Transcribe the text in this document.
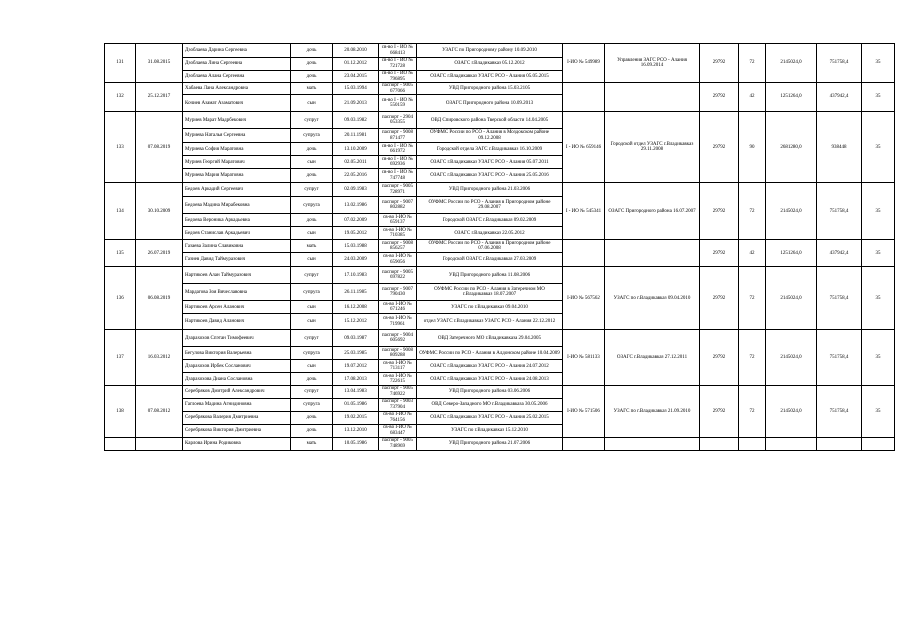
131	31.08.2015	Дзоблаева Дарина Сергеевна	дочь	20.08.2010	св-во I - ИО № 668413	УЗАГС по Пригородному району 10.09.2010	I-ИО № 549989	Управления ЗАГС РСО - Алания 16.09.2014	29792	72	2145024,0	751758,4	35
		Дзоблаева Лина Сергеевна	дочь	01.12.2012	св-во I - ИО № 721728	ОЗАГС г.Владикавказ 05.12.2012							
		Дзоблаева Алана Сергеевна	дочь	23.04.2015	св-во I - ИО № 796895	ОЗАГС г.Владикавказ УЗАГС РСО - Алания 05.05.2015							
132	25.12.2017	Хабаева Лана Александровна	мать	15.03.1994	паспорт - 9005 677066	УВД Пригородного района 15.03.2105			29792	42	1251264,0	437942,4	35
		Кочиев Азамат Азаматович	сын	21.09.2013	св-во I - ИО № 550159	ОЗАГС Пригородного района 10.09.2013							
133	07.08.2019	Муриев Марат Мадрбекович	супруг	09.03.1982	паспорт - 2904 053355	ОВД Спировского района Тверской области 14.04.2005	I - ИО № 659146	Городской отдел УЗАГС г.Владикавказ 29.11.2008	29792	90	2681280,0	938448	35
		Муриева Наталья Сергеевна	супруга	20.11.1981	паспорт - 9008 871477	ОУФМС России по РСО - Алания в Моздокском районе 09.12.2008							
		Муриева София Маратовна	дочь	13.10.2009	св-во I - ИО № 661972	Городской отдела ЗАГС г.Владикавказ 16.10.2009							
		Муриев Георгий Маратович	сын	02.05.2011	св-во I - ИО № 692936	ОЗАГС г.Владикавказ УЗАГС РСО - Алания 05.07.2011							
		Муриева Мария Маратовна	дочь	22.05.2016	св-во I - ИО № 747748	ОЗАГС г.Владикавказ УЗАГС РСО - Алания 25.05.2016							
134	30.10.2009	Бедоев Аркадий Сергеевич	супруг	02.09.1983	паспорт - 9005 728971	УВД Пригородного района 21.03.2006	I - ИО № 545341	ОЗАГС Пригородного района 16.07.2007	29792	72	2145024,0	751758,4	35
		Бедоева Мадина Мирабековна	супруга	13.02.1986	паспорт - 9007 802882	ОУФМС России по РСО - Алания в Пригородном районе 29.08.2007							
		Бедоева Вероника Аркадьевна	дочь	07.02.2009	св-во I-ИО № 659137	Городской ОЗАГС г.Владикавказ 09.02.2009							
		Бедоев Станислав Аркадьевич	сын	19.05.2012	св-во I-ИО № 710385	ОЗАГС г.Владикавказ 22.05.2012							
135	26.07.2019	Газаева Залина Славиковна	мать	15.03.1988	паспорт - 9008 856257	ОУФМС России по РСО - Алания в Пригородном районе 07.06.2008			29792	42	1251264,0	437942,4	35
		Газиев Давид Таймуразович	сын	24.03.2009	св-во I-ИО № 659056	Городской ОЗАГС г.Владикавказ 27.03.2009							
136	06.08.2019	Нартикоев Алан Таймуразович	супруг	17.10.1983	паспорт - 9005 697822	УВД Пригородного района 11.08.2006	I-ИО № 567562	УЗАГС по г.Владикавказ 09.04.2010	29792	72	2145024,0	751758,4	35
		Мардагова Зоя Вячеславовна	супруга	26.11.1985	паспорт - 9007 790430	ОУФМС России по РСО - Алания в Затеречном МО г.Владикавказ 18.07.2007							
		Нартикоев Арсен Аланович	сын	16.12.2008	св-во I-ИО № 671246	УЗАГС по г.Владикавказ 09.04.2010							
		Нартикоев Давид Аланович	сын	15.12.2012	св-во I-ИО № 719961	отдел УЗАГС г.Владикавказ УЗАГС РСО - Алания 22.12.2012							
137	16.03.2012	Дзарахохов Спэтан Тимофеевич	супруг	09.03.1987	паспорт - 9004 605692	ОВД Затеречного МО г.Владикавказа 29.04.2005	I-ИО № 581133	ОЗАГС г.Владикавказ 27.12.2011	29792	72	2145024,0	751758,4	35
		Бегулова Виктория Валерьевна	супруга	25.03.1985	паспорт - 9008 809288	ОУФМС России по РСО - Алания в Алдонском районе 10.04.2009							
		Дзарахохов Ирбек Сосланович	сын	19.07.2012	св-во I-ИО № 713117	ОЗАГС г.Владикавказ УЗАГС РСО - Алания 24.07.2012							
		Дзарахохова Диана Сослановна	дочь	17.08.2013	св-во I-ИО № 722615	ОЗАГС г.Владикавказ УЗАГС РСО - Алания 24.08.2013							
138	07.08.2012	Серебряков Дмитрий Александрович	супруг	13.04.1983	паспорт - 9005 746922	УВД Пригородного района 03.06.2006	I-ИО № 571506	УЗАГС по г.Владикавказ 21.09.2010	29792	72	2145024,0	751758,4	35
		Гаглоева Мадина Агнидиновна	супруга	01.05.1986	паспорт - 9003 737904	ОВД Северо-Западного МО г.Владикавказа 30.05.2006							
		Серебрякова Валерия Дмитриевна	дочь	19.02.2015	св-во I-ИО № 764156	ОЗАГС г.Владикавказ УЗАГС РСО - Алания 25.02.2015							
		Серебрякова Виктория Дмитриевна	дочь	13.12.2010	св-во I-ИО № 683447	УЗАГС по г.Владикавказ 15.12.2010							
		Карлова Ирина Родиковна	мать	10.05.1986	паспорт - 9005 748969	УВД Пригородного района 21.07.2006							
